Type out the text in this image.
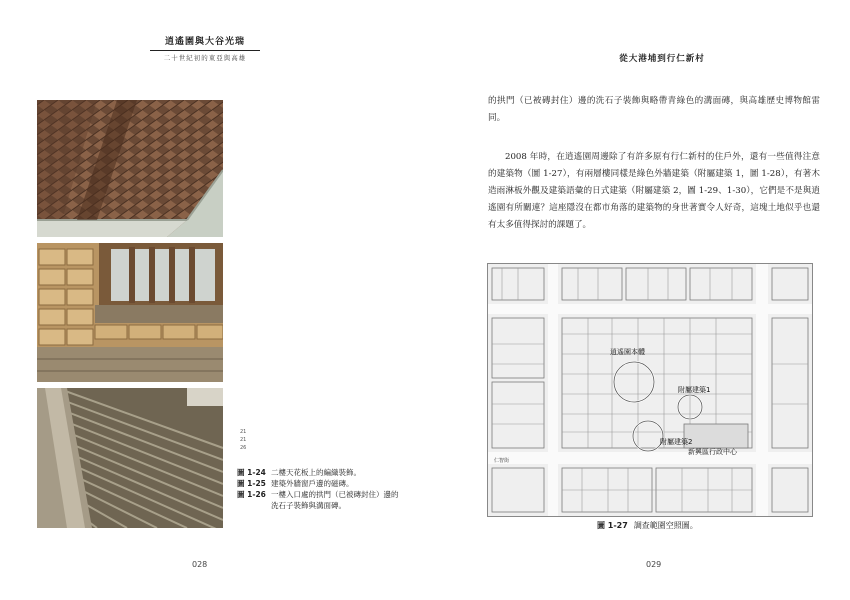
逍遙園與大谷光瑞
二十世紀初的東亞與高雄
21
21
26
圖 1-24 二樓天花板上的編織裝飾。
圖 1-25 建築外牆窗戶邊的磁磚。
圖 1-26 一樓入口處的拱門（已被磚封住）邊的洗石子裝飾與溝面磚。
028
從大港埔到行仁新村

的拱門（已被磚封住）邊的洗石子裝飾與略帶青綠色的溝面磚，與高雄歷史博物館雷同。

2008 年時，在逍遙園周邊除了有許多原有行仁新村的住戶外，還有一些值得注意的建築物（圖 1-27），有兩層樓同樣是綠色外牆建築（附屬建築 1，圖 1-28），有著木造雨淋板外觀及建築語彙的日式建築（附屬建築 2，圖 1-29、1-30），它們是不是與逍遙園有所關連？這座隱沒在都市角落的建築物的身世著實令人好奇，這塊土地似乎也還有太多值得探討的課題了。

逍遙園本體
附屬建築1
附屬建築2
新興區行政中心
仁智街
圖 1-27 調查範圍空照圖。
029
